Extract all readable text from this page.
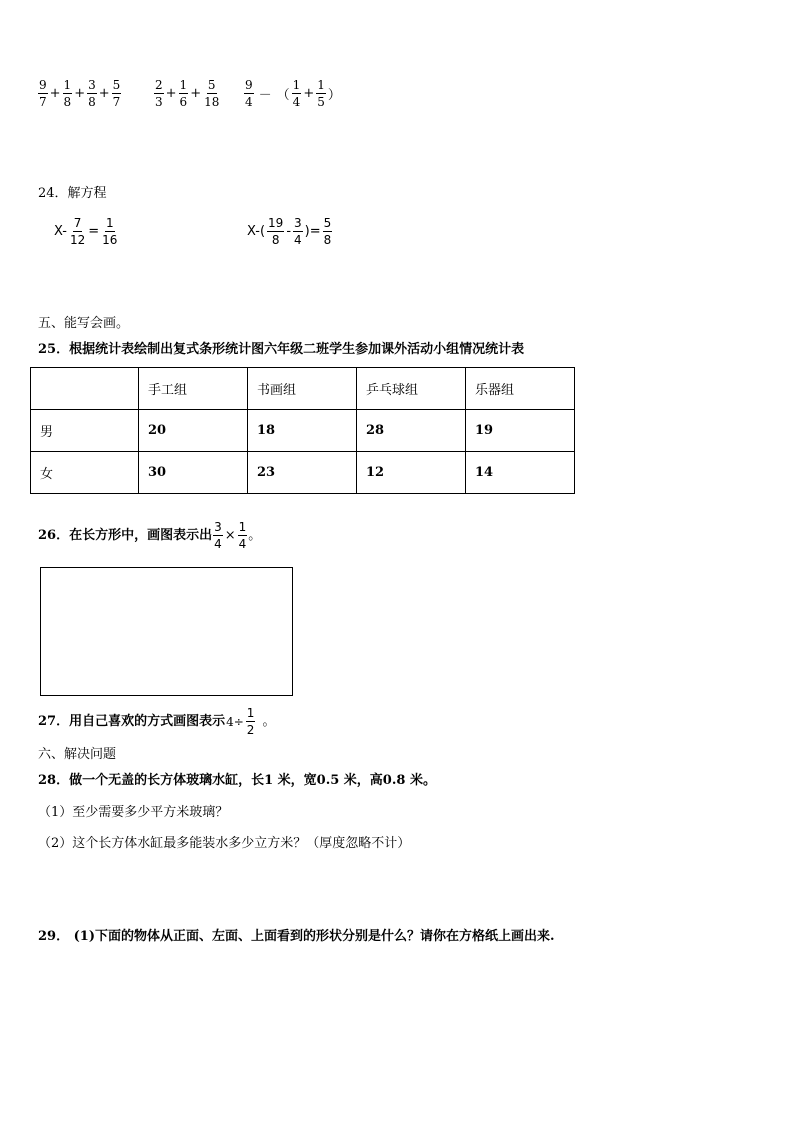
$\frac{9}{7} + \frac{1}{8} + \frac{3}{8} + \frac{5}{7}$	$\frac{2}{3} + \frac{1}{6} + \frac{5}{18} \frac{9}{4}$ － （ $\frac{1}{4} + \frac{1}{5}$ ）
24．解方程
$X- \frac{7}{12} = \frac{1}{16}$	$X-( \frac{19}{8} - \frac{3}{4}$ )= $\frac{5}{8}$
五、能写会画。
25．根据统计表绘制出复式条形统计图六年级二班学生参加课外活动小组情况统计表
	手工组	书画组	乒乓球组	乐器组
男	20	18	28	19
女	30	23	12	14
26．在长方形中，画图表示出 $\frac{3}{4} \times \frac{1}{4}$ 。
27．用自己喜欢的方式画图表示 $4\div \frac{1}{2}$ 。
六、解决问题
28．做一个无盖的长方体玻璃水缸，长1 米，宽0.5 米，高0.8 米。
（1）至少需要多少平方米玻璃？
（2）这个长方体水缸最多能装水多少立方米？（厚度忽略不计）
29． (1)下面的物体从正面、左面、上面看到的形状分别是什么？请你在方格纸上画出来.
